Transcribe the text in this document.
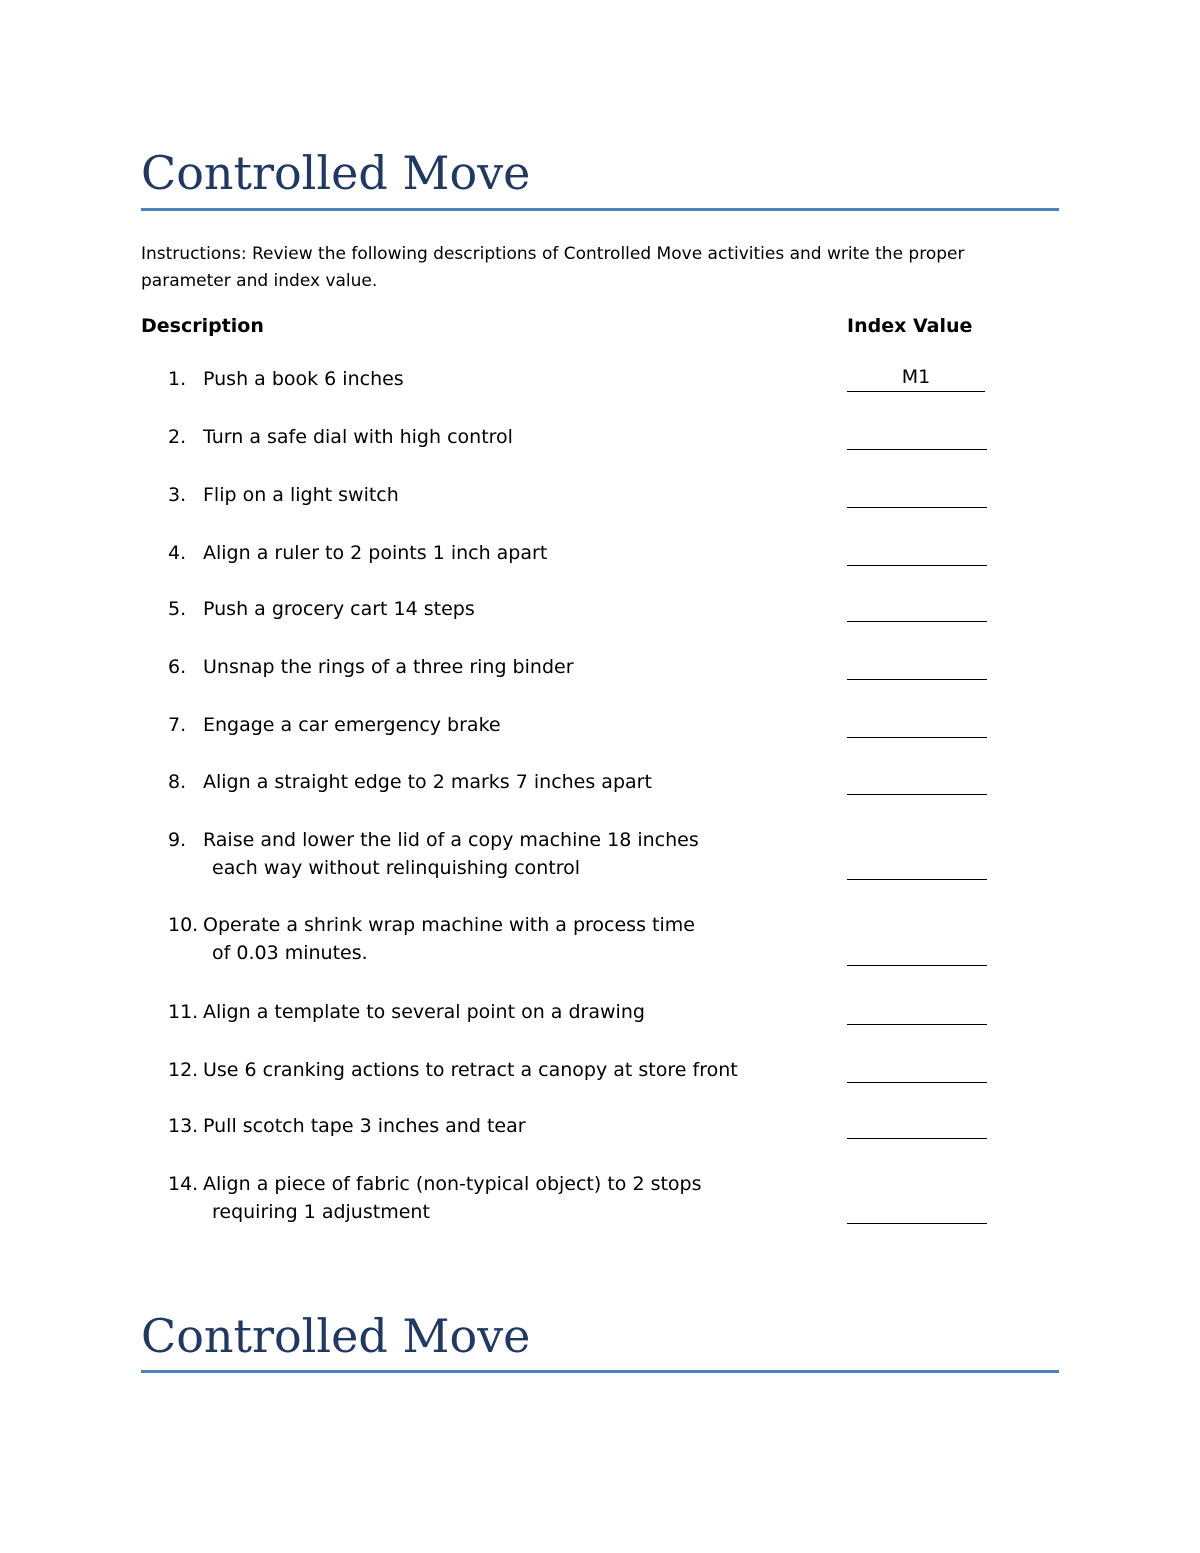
Controlled Move

Instructions: Review the following descriptions of Controlled Move activities and write the proper parameter and index value.

Description	Index Value
1. Push a book 6 inches	M1
2. Turn a safe dial with high control
3. Flip on a light switch
4. Align a ruler to 2 points 1 inch apart
5. Push a grocery cart 14 steps
6. Unsnap the rings of a three ring binder
7. Engage a car emergency brake
8. Align a straight edge to 2 marks 7 inches apart
9. Raise and lower the lid of a copy machine 18 inches
each way without relinquishing control
10. Operate a shrink wrap machine with a process time
of 0.03 minutes.
11. Align a template to several point on a drawing
12. Use 6 cranking actions to retract a canopy at store front
13. Pull scotch tape 3 inches and tear
14. Align a piece of fabric (non-typical object) to 2 stops
requiring 1 adjustment
Controlled Move
